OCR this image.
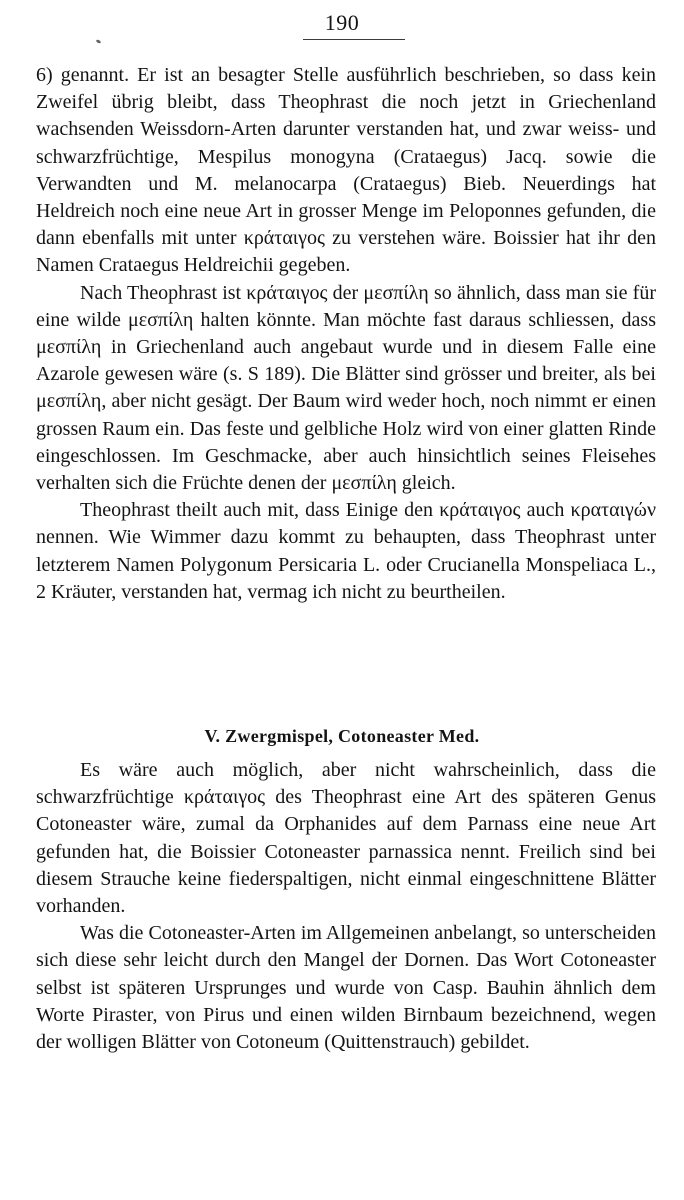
190

6) genannt. Er ist an besagter Stelle ausführlich beschrieben, so dass kein Zweifel übrig bleibt, dass Theophrast die noch jetzt in Griechenland wachsenden Weissdorn-Arten darunter verstanden hat, und zwar weiss- und schwarzfrüchtige, Mespilus monogyna (Crataegus) Jacq. sowie die Verwandten und M. melanocarpa (Crataegus) Bieb. Neuerdings hat Heldreich noch eine neue Art in grosser Menge im Peloponnes gefunden, die dann ebenfalls mit unter κράταιγος zu verstehen wäre. Boissier hat ihr den Namen Crataegus Heldreichii gegeben.

Nach Theophrast ist κράταιγος der μεσπίλη so ähnlich, dass man sie für eine wilde μεσπίλη halten könnte. Man möchte fast daraus schliessen, dass μεσπίλη in Griechenland auch angebaut wurde und in diesem Falle eine Azarole gewesen wäre (s. S 189). Die Blätter sind grösser und breiter, als bei μεσπίλη, aber nicht gesägt. Der Baum wird weder hoch, noch nimmt er einen grossen Raum ein. Das feste und gelbliche Holz wird von einer glatten Rinde eingeschlossen. Im Geschmacke, aber auch hinsichtlich seines Fleisehes verhalten sich die Früchte denen der μεσπίλη gleich.

Theophrast theilt auch mit, dass Einige den κράταιγος auch κραταιγών nennen. Wie Wimmer dazu kommt zu behaupten, dass Theophrast unter letzterem Namen Polygonum Persicaria L. oder Crucianella Monspeliaca L., 2 Kräuter, verstanden hat, vermag ich nicht zu beurtheilen.

V. Zwergmispel, Cotoneaster Med.

Es wäre auch möglich, aber nicht wahrscheinlich, dass die schwarzfrüchtige κράταιγος des Theophrast eine Art des späteren Genus Cotoneaster wäre, zumal da Orphanides auf dem Parnass eine neue Art gefunden hat, die Boissier Cotoneaster parnassica nennt. Freilich sind bei diesem Strauche keine fiederspaltigen, nicht einmal eingeschnittene Blätter vorhanden.

Was die Cotoneaster-Arten im Allgemeinen anbelangt, so unterscheiden sich diese sehr leicht durch den Mangel der Dornen. Das Wort Cotoneaster selbst ist späteren Ursprunges und wurde von Casp. Bauhin ähnlich dem Worte Piraster, von Pirus und einen wilden Birnbaum bezeichnend, wegen der wolligen Blätter von Cotoneum (Quittenstrauch) gebildet.
